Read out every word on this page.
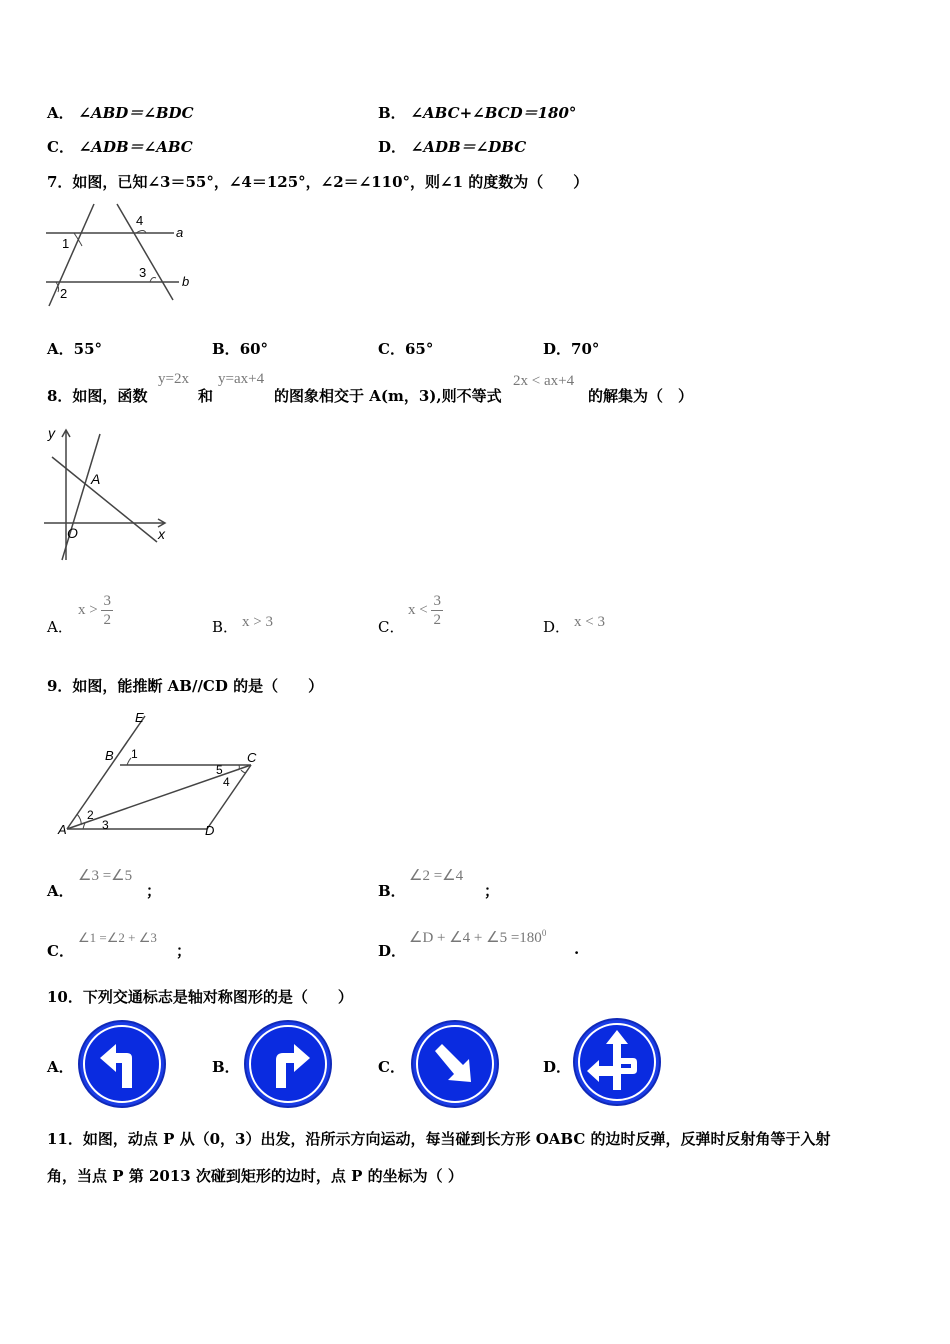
A． ∠ABD＝∠BDC	B． ∠ABC+∠BCD＝180°
C． ∠ADB＝∠ABC	D． ∠ADB＝∠DBC
7．如图，已知∠3＝55°，∠4＝125°，∠2＝∠110°，则∠1 的度数为（　　）
1
2
3
4
a
b
A．55°	B．60°	C．65°	D．70°
8．如图，函数
y=2x
和
y=ax+4
的图象相交于 A(m，3),则不等式
2x < ax+4
的解集为（　）
y
x
O
A
A．
$x > \frac{3}{2}$	B． x > 3	C．
$x < \frac{3}{2}$	D． x < 3
9．如图，能推断 AB//CD 的是（　　）
E
B	C
A	D
1
2
3
4
5
A．
∠3 =∠5
；	B．
∠2 =∠4
；
C．
∠1 =∠2 + ∠3
；	D．
∠D + ∠4 + ∠5 $=180^0$
.
10．下列交通标志是轴对称图形的是（　　）
A．	B．	C．	D．
11．如图，动点 P 从（0，3）出发，沿所示方向运动，每当碰到长方形 OABC 的边时反弹，反弹时反射角等于入射
角，当点 P 第 2013 次碰到矩形的边时，点 P 的坐标为（ ）
